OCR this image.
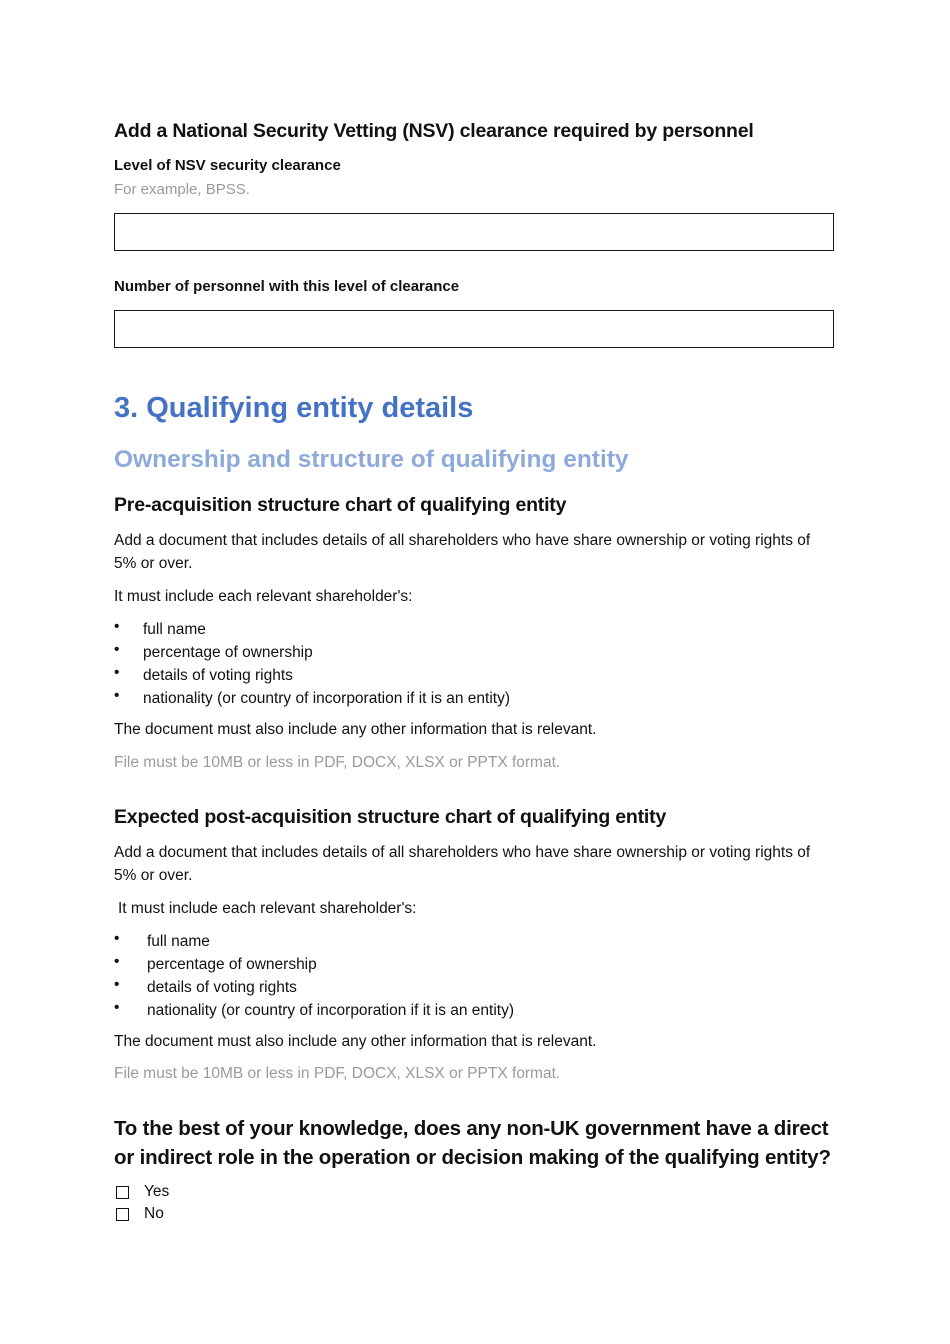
Add a National Security Vetting (NSV) clearance required by personnel
Level of NSV security clearance
For example, BPSS.
Number of personnel with this level of clearance
3. Qualifying entity details
Ownership and structure of qualifying entity
Pre-acquisition structure chart of qualifying entity
Add a document that includes details of all shareholders who have share ownership or voting rights of 5% or over.
It must include each relevant shareholder's:
• full name
• percentage of ownership
• details of voting rights
• nationality (or country of incorporation if it is an entity)
The document must also include any other information that is relevant.
File must be 10MB or less in PDF, DOCX, XLSX or PPTX format.
Expected post-acquisition structure chart of qualifying entity
Add a document that includes details of all shareholders who have share ownership or voting rights of 5% or over.
It must include each relevant shareholder's:
• full name
• percentage of ownership
• details of voting rights
• nationality (or country of incorporation if it is an entity)
The document must also include any other information that is relevant.
File must be 10MB or less in PDF, DOCX, XLSX or PPTX format.
To the best of your knowledge, does any non-UK government have a direct or indirect role in the operation or decision making of the qualifying entity?
Yes
No
